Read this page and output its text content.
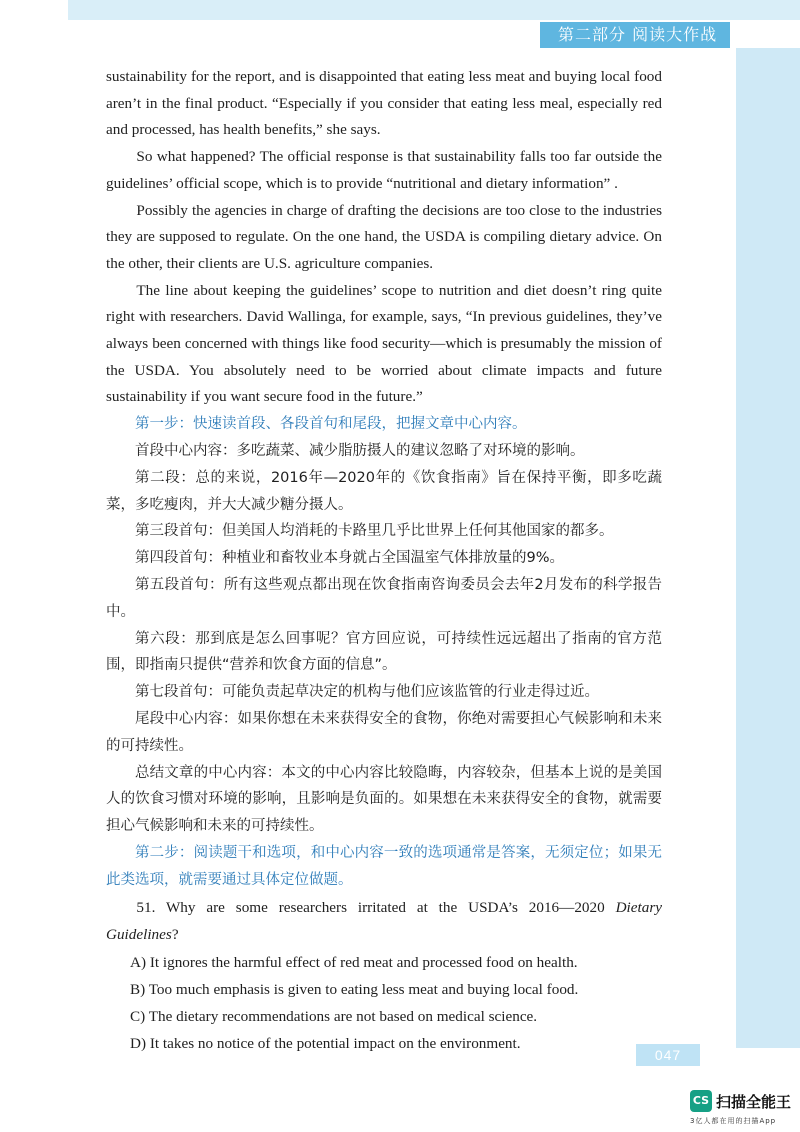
第二部分 阅读大作战

sustainability for the report, and is disappointed that eating less meat and buying local food aren’t in the final product. “Especially if you consider that eating less meal, especially red and processed, has health benefits,” she says.

So what happened? The official response is that sustainability falls too far outside the guidelines’ official scope, which is to provide “nutritional and dietary information” .

Possibly the agencies in charge of drafting the decisions are too close to the industries they are supposed to regulate. On the one hand, the USDA is compiling dietary advice. On the other, their clients are U.S. agriculture companies.

The line about keeping the guidelines’ scope to nutrition and diet doesn’t ring quite right with researchers. David Wallinga, for example, says, “In previous guidelines, they’ve always been concerned with things like food security—which is presumably the mission of the USDA. You absolutely need to be worried about climate impacts and future sustainability if you want secure food in the future.”

第一步：快速读首段、各段首句和尾段，把握文章中心内容。

首段中心内容：多吃蔬菜、减少脂肪摄人的建议忽略了对环境的影响。

第二段：总的来说，2016年—2020年的《饮食指南》旨在保持平衡，即多吃蔬菜，多吃瘦肉，并大大减少糖分摄人。

第三段首句：但美国人均消耗的卡路里几乎比世界上任何其他国家的都多。

第四段首句：种植业和畜牧业本身就占全国温室气体排放量的9%。

第五段首句：所有这些观点都出现在饮食指南咨询委员会去年2月发布的科学报告中。

第六段：那到底是怎么回事呢？官方回应说，可持续性远远超出了指南的官方范围，即指南只提供“营养和饮食方面的信息”。

第七段首句：可能负责起草决定的机构与他们应该监管的行业走得过近。

尾段中心内容：如果你想在未来获得安全的食物，你绝对需要担心气候影响和未来的可持续性。

总结文章的中心内容：本文的中心内容比较隐晦，内容较杂，但基本上说的是美国人的饮食习惯对环境的影响，且影响是负面的。如果想在未来获得安全的食物，就需要担心气候影响和未来的可持续性。

第二步：阅读题干和选项，和中心内容一致的选项通常是答案，无须定位；如果无此类选项，就需要通过具体定位做题。

51. Why are some researchers irritated at the USDA’s 2016—2020 Dietary Guidelines?

A) It ignores the harmful effect of red meat and processed food on health.

B) Too much emphasis is given to eating less meat and buying local food.

C) The dietary recommendations are not based on medical science.

D) It takes no notice of the potential impact on the environment.

047
CS 扫描全能王
3亿人都在用的扫描App
